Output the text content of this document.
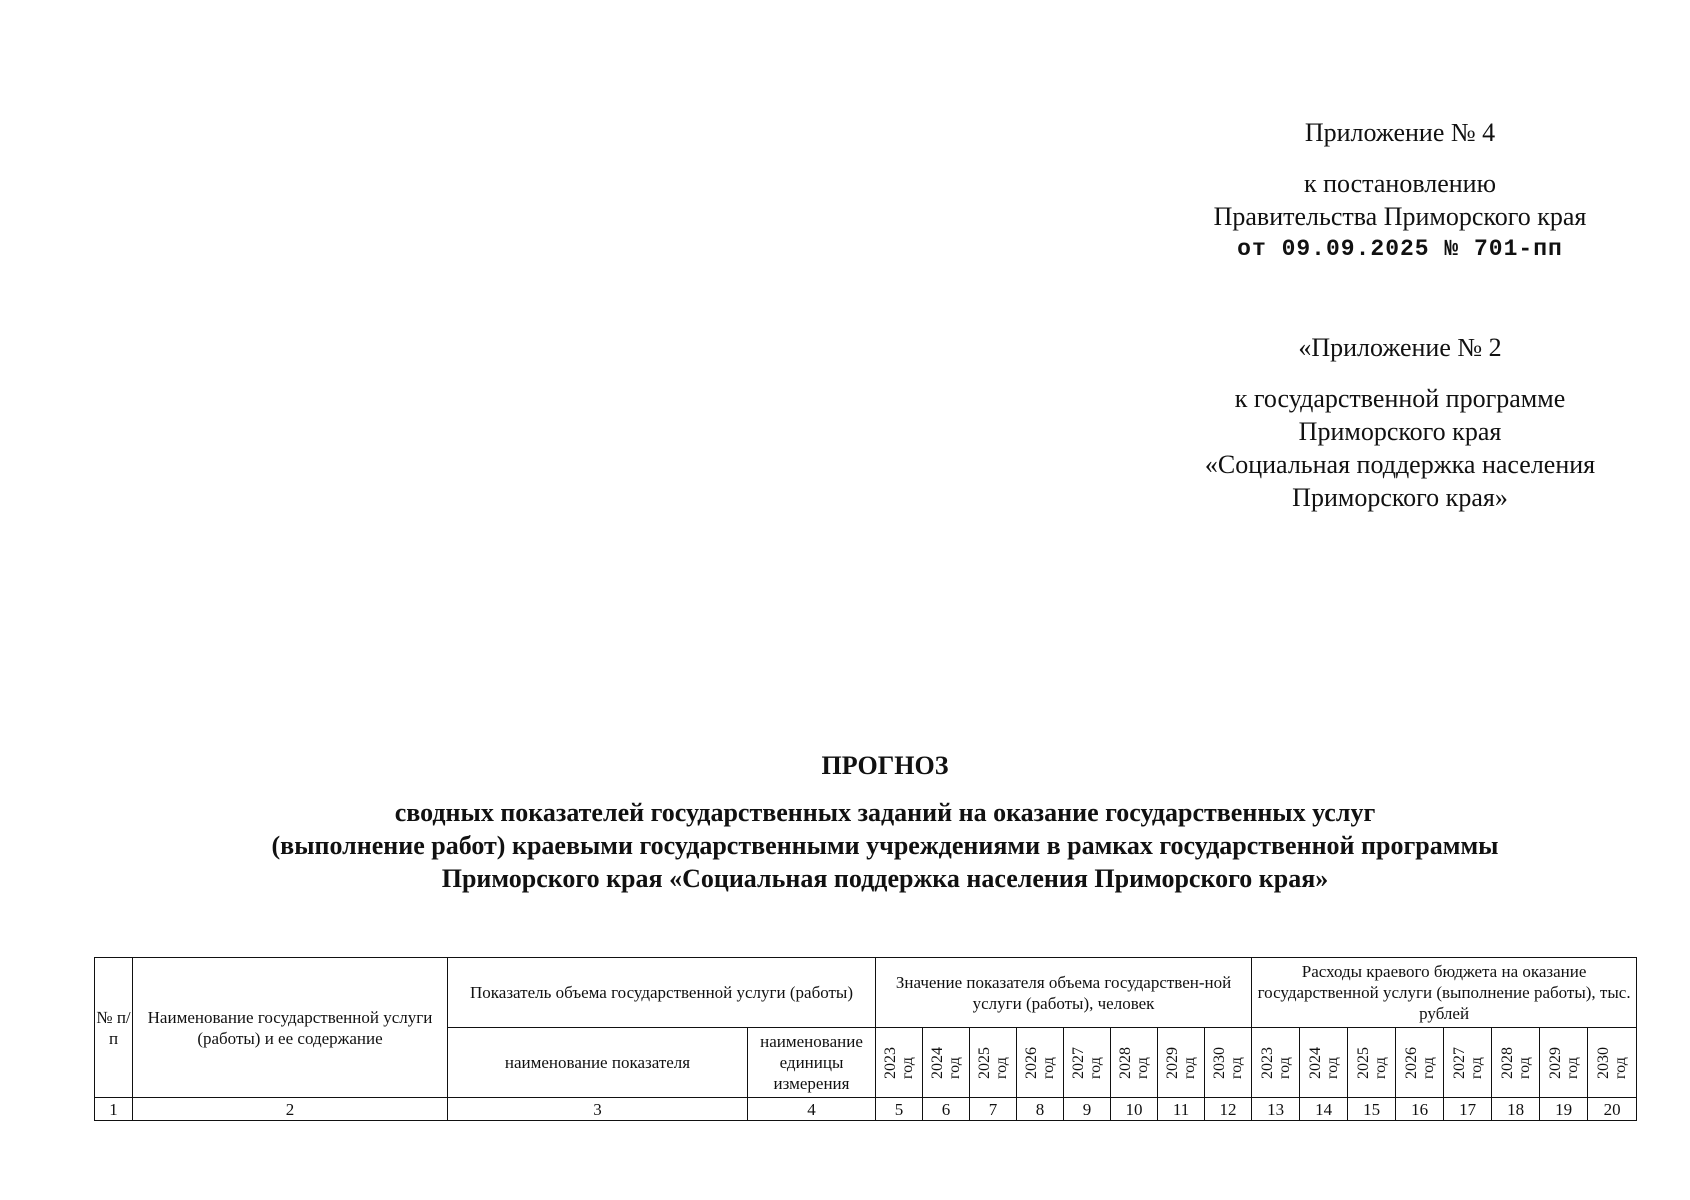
Приложение № 4
к постановлению
Правительства Приморского края
от 09.09.2025 № 701-пп
«Приложение № 2
к государственной программе
Приморского края
«Социальная поддержка населения
Приморского края»
ПРОГНОЗ
сводных показателей государственных заданий на оказание государственных услуг
(выполнение работ) краевыми государственными учреждениями в рамках государственной программы
Приморского края «Социальная поддержка населения Приморского края»
№ п/п	Наименование государственной услуги (работы) и ее содержание	Показатель объема государственной услуги (работы)		Значение показателя объема государствен-ной услуги (работы), человек								Расходы краевого бюджета на оказание государственной услуги (выполнение работы), тыс. рублей							
		наименование показателя	наименование единицы измерения	2023 год	2024 год	2025 год	2026 год	2027 год	2028 год	2029 год	2030 год	2023 год	2024 год	2025 год	2026 год	2027 год	2028 год	2029 год	2030 год

1	2	3	4	5	6	7	8	9	10	11	12	13	14	15	16	17	18	19	20
